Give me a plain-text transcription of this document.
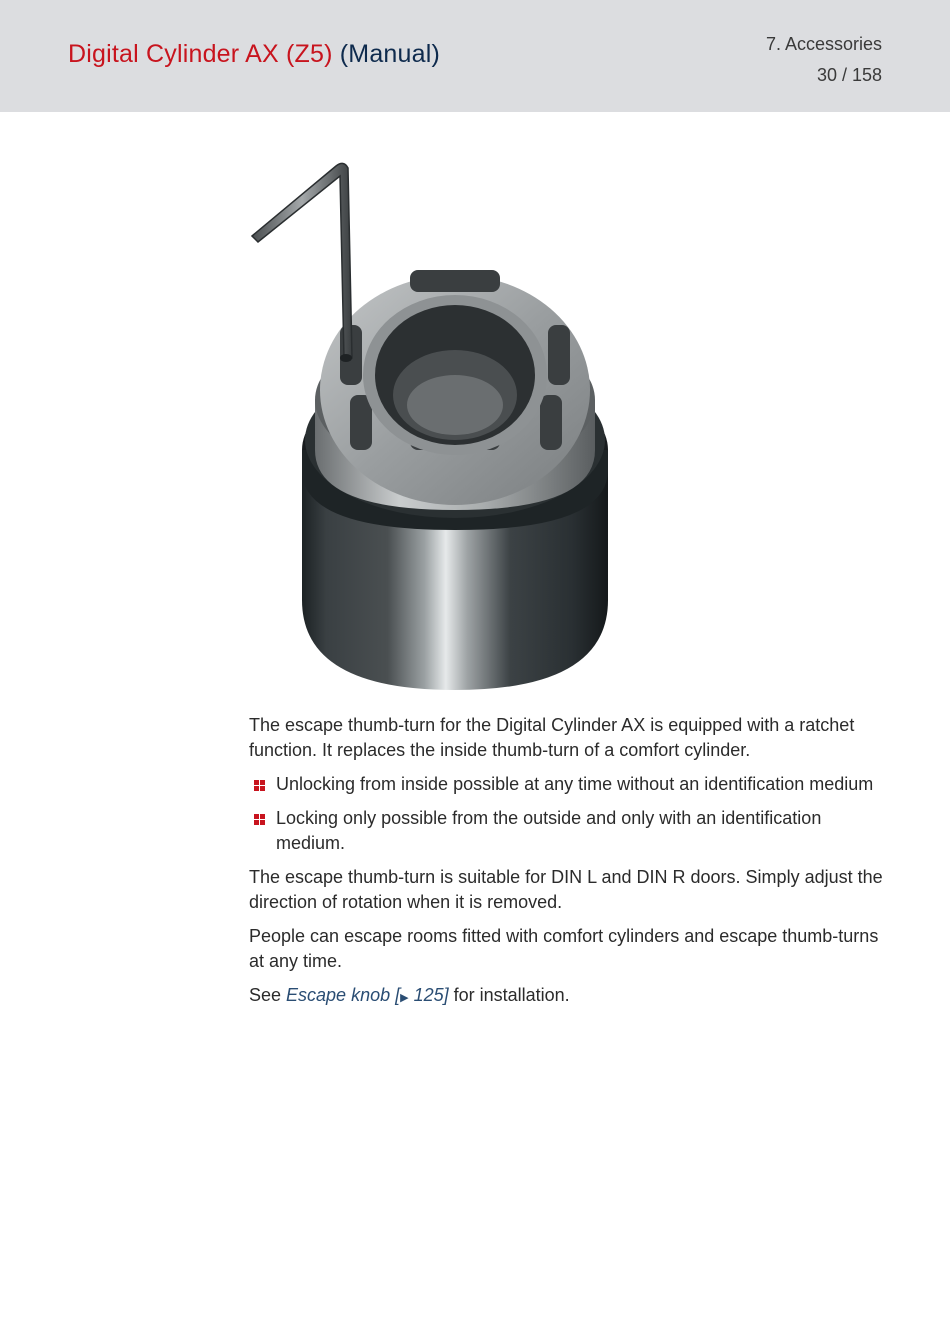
Digital Cylinder AX (Z5) (Manual)	7. Accessories
30 / 158

The escape thumb-turn for the Digital Cylinder AX is equipped with a ratchet function. It replaces the inside thumb-turn of a comfort cylinder.

Unlocking from inside possible at any time without an identification medium
Locking only possible from the outside and only with an identification medium.

The escape thumb-turn is suitable for DIN L and DIN R doors. Simply adjust the direction of rotation when it is removed.

People can escape rooms fitted with comfort cylinders and escape thumb-turns at any time.

See Escape knob [▶ 125] for installation.
